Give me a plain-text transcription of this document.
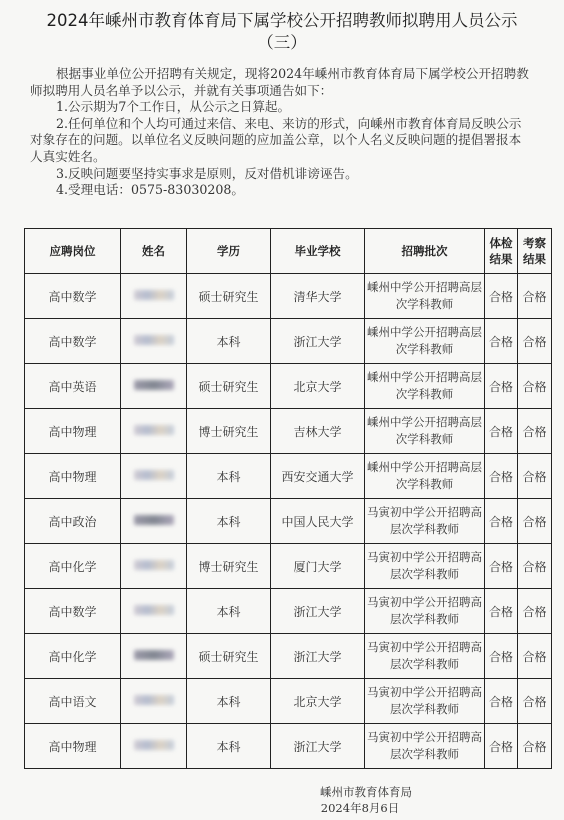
2024年嵊州市教育体育局下属学校公开招聘教师拟聘用人员公示
（三）

根据事业单位公开招聘有关规定，现将2024年嵊州市教育体育局下属学校公开招聘教师拟聘用人员名单予以公示，并就有关事项通告如下：

1.公示期为7个工作日，从公示之日算起。

2.任何单位和个人均可通过来信、来电、来访的形式，向嵊州市教育体育局反映公示对象存在的问题。以单位名义反映问题的应加盖公章，以个人名义反映问题的提倡署报本人真实姓名。

3.反映问题要坚持实事求是原则，反对借机诽谤诬告。

4.受理电话：0575-83030208。

应聘岗位	姓名	学历	毕业学校	招聘批次	体检结果	考察结果
高中数学		硕士研究生	清华大学	嵊州中学公开招聘高层次学科教师	合格	合格
高中数学		本科	浙江大学	嵊州中学公开招聘高层次学科教师	合格	合格
高中英语		硕士研究生	北京大学	嵊州中学公开招聘高层次学科教师	合格	合格
高中物理		博士研究生	吉林大学	嵊州中学公开招聘高层次学科教师	合格	合格
高中物理		本科	西安交通大学	嵊州中学公开招聘高层次学科教师	合格	合格
高中政治		本科	中国人民大学	马寅初中学公开招聘高层次学科教师	合格	合格
高中化学		博士研究生	厦门大学	马寅初中学公开招聘高层次学科教师	合格	合格
高中数学		本科	浙江大学	马寅初中学公开招聘高层次学科教师	合格	合格
高中化学		硕士研究生	浙江大学	马寅初中学公开招聘高层次学科教师	合格	合格
高中语文		本科	北京大学	马寅初中学公开招聘高层次学科教师	合格	合格
高中物理		本科	浙江大学	马寅初中学公开招聘高层次学科教师	合格	合格
嵊州市教育体育局
2024年8月6日
